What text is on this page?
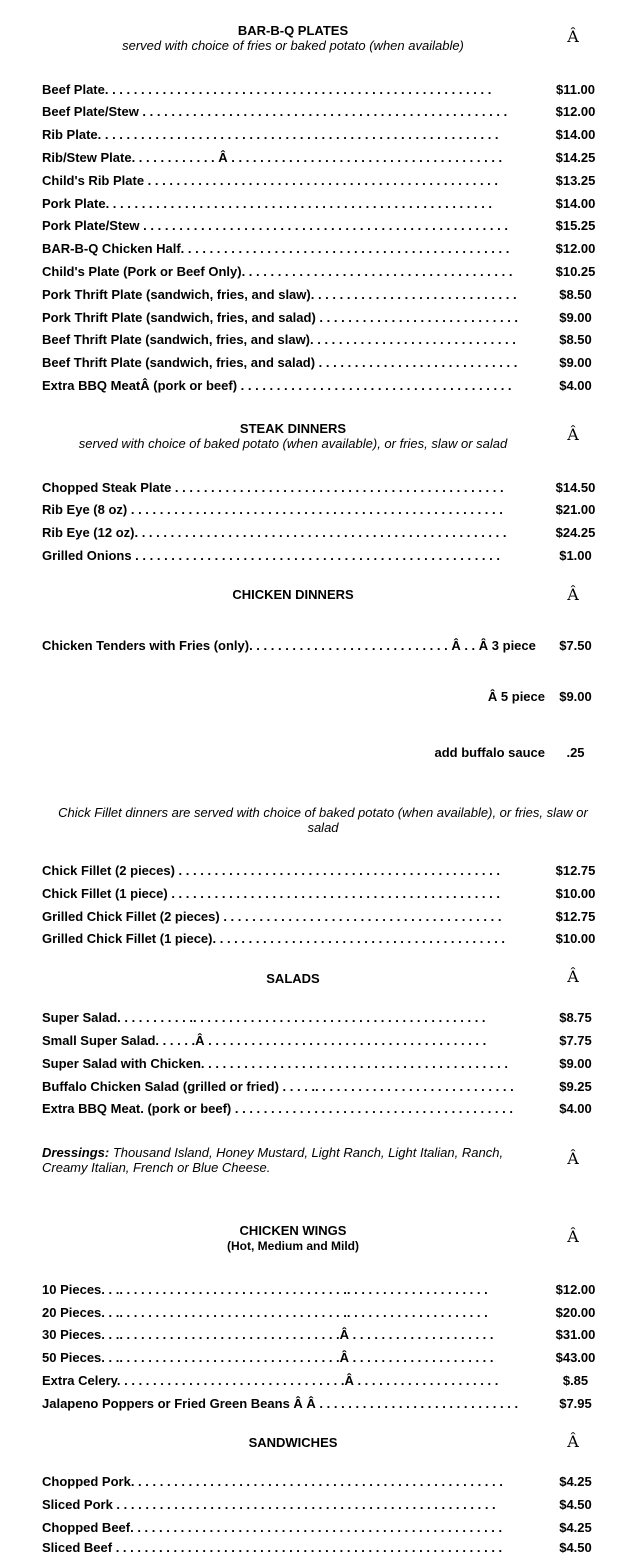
BAR-B-Q PLATES
served with choice of fries or baked potato (when available)	Â
Beef Plate. . . . . . . . . . . . . . . . . . . . . . . . . . . . . . . . . . . . . . . . . . . . . . . . . . . . . .	$11.00
Beef Plate/Stew . . . . . . . . . . . . . . . . . . . . . . . . . . . . . . . . . . . . . . . . . . . . . . . . . . .	$12.00
Rib Plate. . . . . . . . . . . . . . . . . . . . . . . . . . . . . . . . . . . . . . . . . . . . . . . . . . . . . . . .	$14.00
Rib/Stew Plate. . . . . . . . . . . . Â . . . . . . . . . . . . . . . . . . . . . . . . . . . . . . . . . . . . . .	$14.25
Child's Rib Plate . . . . . . . . . . . . . . . . . . . . . . . . . . . . . . . . . . . . . . . . . . . . . . . . .	$13.25
Pork Plate. . . . . . . . . . . . . . . . . . . . . . . . . . . . . . . . . . . . . . . . . . . . . . . . . . . . . .	$14.00
Pork Plate/Stew . . . . . . . . . . . . . . . . . . . . . . . . . . . . . . . . . . . . . . . . . . . . . . . . . . .	$15.25
BAR-B-Q Chicken Half. . . . . . . . . . . . . . . . . . . . . . . . . . . . . . . . . . . . . . . . . . . . . .	$12.00
Child's Plate (Pork or Beef Only). . . . . . . . . . . . . . . . . . . . . . . . . . . . . . . . . . . . . .	$10.25
Pork Thrift Plate (sandwich, fries, and slaw). . . . . . . . . . . . . . . . . . . . . . . . . . . . .	$8.50
Pork Thrift Plate (sandwich, fries, and salad) . . . . . . . . . . . . . . . . . . . . . . . . . . . .	$9.00
Beef Thrift Plate (sandwich, fries, and slaw). . . . . . . . . . . . . . . . . . . . . . . . . . . . .	$8.50
Beef Thrift Plate (sandwich, fries, and salad) . . . . . . . . . . . . . . . . . . . . . . . . . . . .	$9.00
Extra BBQ MeatÂ (pork or beef) . . . . . . . . . . . . . . . . . . . . . . . . . . . . . . . . . . . . . .	$4.00
STEAK DINNERS
served with choice of baked potato (when available), or fries, slaw or salad	Â
Chopped Steak Plate . . . . . . . . . . . . . . . . . . . . . . . . . . . . . . . . . . . . . . . . . . . . . .	$14.50
Rib Eye (8 oz) . . . . . . . . . . . . . . . . . . . . . . . . . . . . . . . . . . . . . . . . . . . . . . . . . . . .	$21.00
Rib Eye (12 oz). . . . . . . . . . . . . . . . . . . . . . . . . . . . . . . . . . . . . . . . . . . . . . . . . . . .	$24.25
Grilled Onions . . . . . . . . . . . . . . . . . . . . . . . . . . . . . . . . . . . . . . . . . . . . . . . . . . .	$1.00
CHICKEN DINNERS	Â
Chicken Tenders with Fries (only). . . . . . . . . . . . . . . . . . . . . . . . . . . . Â . . Â 3 piece	$7.50
Â 5 piece	$9.00
add buffalo sauce	.25
Chick Fillet dinners are served with choice of baked potato (when available), or fries, slaw or salad
Chick Fillet (2 pieces) . . . . . . . . . . . . . . . . . . . . . . . . . . . . . . . . . . . . . . . . . . . . .	$12.75
Chick Fillet (1 piece) . . . . . . . . . . . . . . . . . . . . . . . . . . . . . . . . . . . . . . . . . . . . . .	$10.00
Grilled Chick Fillet (2 pieces) . . . . . . . . . . . . . . . . . . . . . . . . . . . . . . . . . . . . . . .	$12.75
Grilled Chick Fillet (1 piece). . . . . . . . . . . . . . . . . . . . . . . . . . . . . . . . . . . . . . . . .	$10.00
SALADS	Â
Super Salad. . . . . . . . . . .. . . . . . . . . . . . . . . . . . . . . . . . . . . . . . . . . . . . . . . . .	$8.75
Small Super Salad. . . . . .Â . . . . . . . . . . . . . . . . . . . . . . . . . . . . . . . . . . . . . . .	$7.75
Super Salad with Chicken. . . . . . . . . . . . . . . . . . . . . . . . . . . . . . . . . . . . . . . . . . .	$9.00
Buffalo Chicken Salad (grilled or fried) . . . . .. . . . . . . . . . . . . . . . . . . . . . . . . . . .	$9.25
Extra BBQ Meat. (pork or beef) . . . . . . . . . . . . . . . . . . . . . . . . . . . . . . . . . . . . . . .	$4.00
Dressings: Thousand Island, Honey Mustard, Light Ranch, Light Italian, Ranch, Creamy Italian, French or Blue Cheese.	Â
CHICKEN WINGS
(Hot, Medium and Mild)	Â
10 Pieces. . .. . . . . . . . . . . . . . . . . . . . . . . . . . . . . . . .. . . . . . . . . . . . . . . . . . . .	$12.00
20 Pieces. . .. . . . . . . . . . . . . . . . . . . . . . . . . . . . . . . .. . . . . . . . . . . . . . . . . . . .	$20.00
30 Pieces. . .. . . . . . . . . . . . . . . . . . . . . . . . . . . . . . .Â . . . . . . . . . . . . . . . . . . . .	$31.00
50 Pieces. . .. . . . . . . . . . . . . . . . . . . . . . . . . . . . . . .Â . . . . . . . . . . . . . . . . . . . .	$43.00
Extra Celery. . . . . . . . . . . . . . . . . . . . . . . . . . . . . . . .Â . . . . . . . . . . . . . . . . . . . .	$.85
Jalapeno Poppers or Fried Green Beans Â Â . . . . . . . . . . . . . . . . . . . . . . . . . . . .	$7.95
SANDWICHES	Â
Chopped Pork. . . . . . . . . . . . . . . . . . . . . . . . . . . . . . . . . . . . . . . . . . . . . . . . . . . .	$4.25
Sliced Pork . . . . . . . . . . . . . . . . . . . . . . . . . . . . . . . . . . . . . . . . . . . . . . . . . . . . .	$4.50
Chopped Beef. . . . . . . . . . . . . . . . . . . . . . . . . . . . . . . . . . . . . . . . . . . . . . . . . . . .	$4.25
Sliced Beef . . . . . . . . . . . . . . . . . . . . . . . . . . . . . . . . . . . . . . . . . . . . . . . . . . . . . .	$4.50
